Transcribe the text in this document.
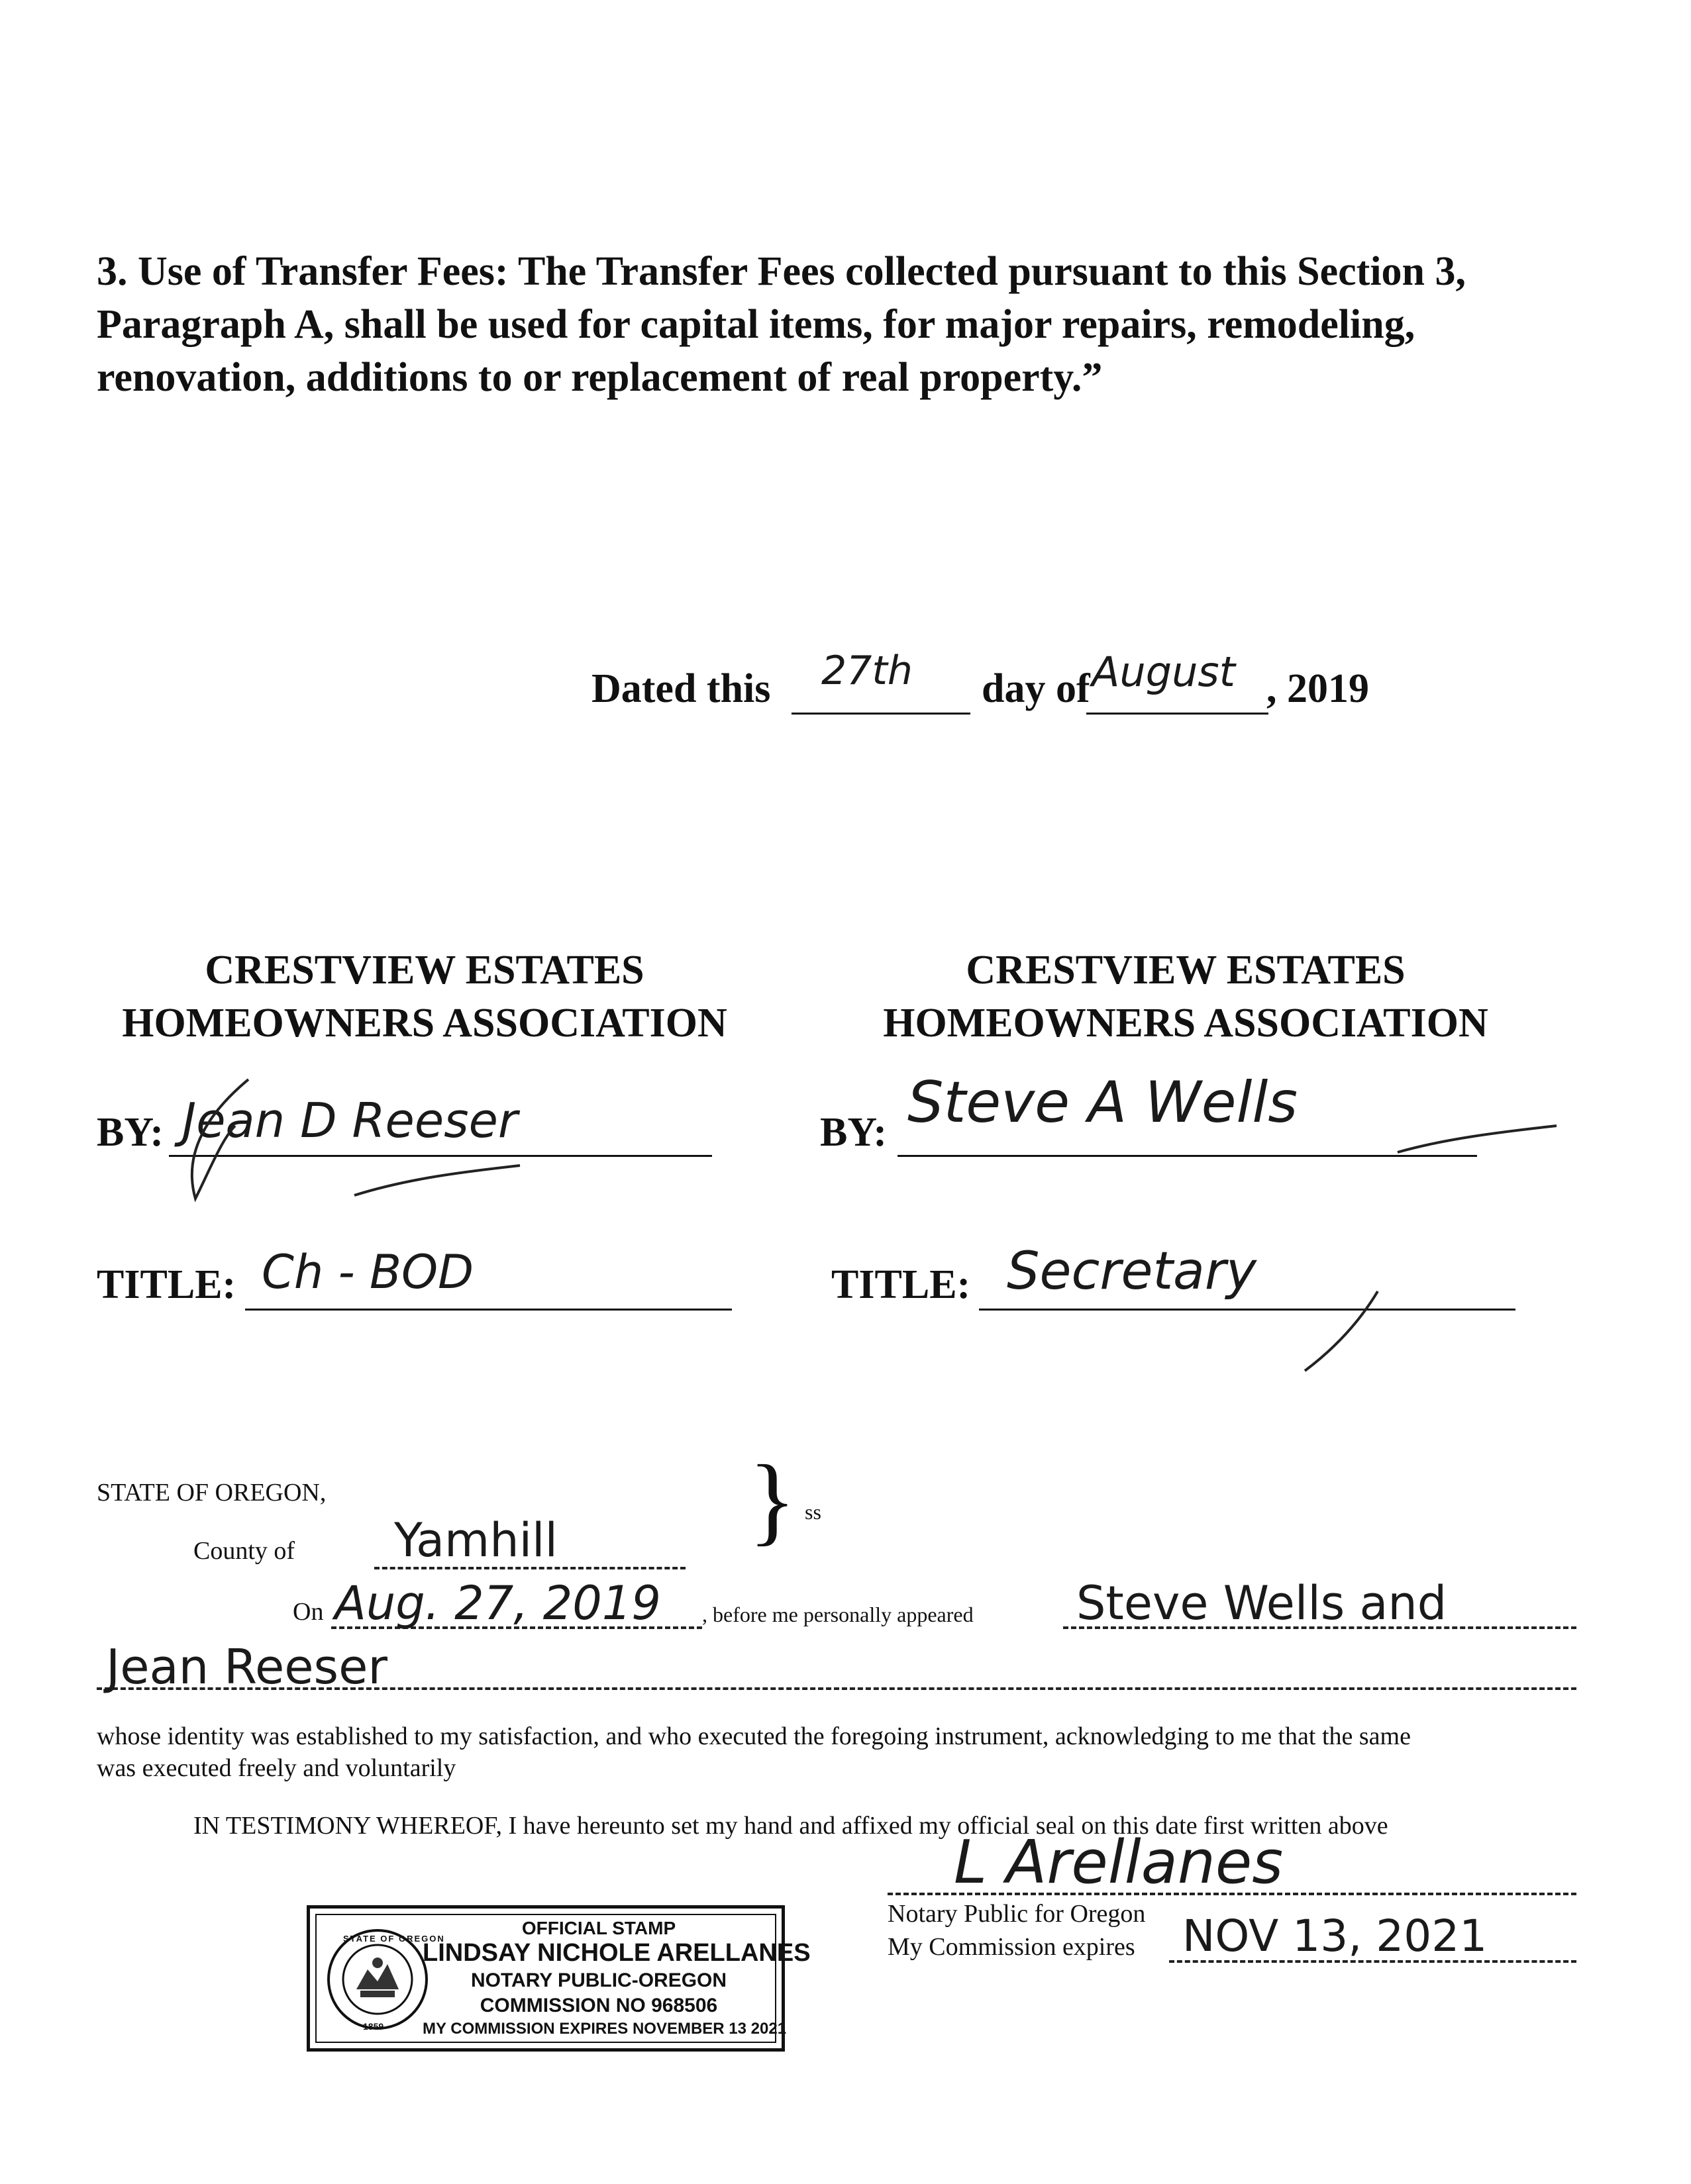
3. Use of Transfer Fees: The Transfer Fees collected pursuant to this Section 3,
Paragraph A, shall be used for capital items, for major repairs, remodeling,
renovation, additions to or replacement of real property.”
Dated this 27th day of August , 2019
CRESTVIEW ESTATES
HOMEOWNERS ASSOCIATION
BY: Jean D Reeser
TITLE: Ch - BOD
CRESTVIEW ESTATES
HOMEOWNERS ASSOCIATION
BY: Steve A Wells
TITLE: Secretary
STATE OF OREGON,	} ss
County of Yamhill
On Aug. 27, 2019 , before me personally appeared Steve Wells and
Jean Reeser
whose identity was established to my satisfaction, and who executed the foregoing instrument, acknowledging to me that the same
was executed freely and voluntarily
IN TESTIMONY WHEREOF, I have hereunto set my hand and affixed my official seal on this date first written above
L Arellanes
Notary Public for Oregon
My Commission expires NOV 13, 2021
STATE OF OREGON
1859
OFFICIAL STAMP
LINDSAY NICHOLE ARELLANES
NOTARY PUBLIC-OREGON
COMMISSION NO 968506
MY COMMISSION EXPIRES NOVEMBER 13 2021
